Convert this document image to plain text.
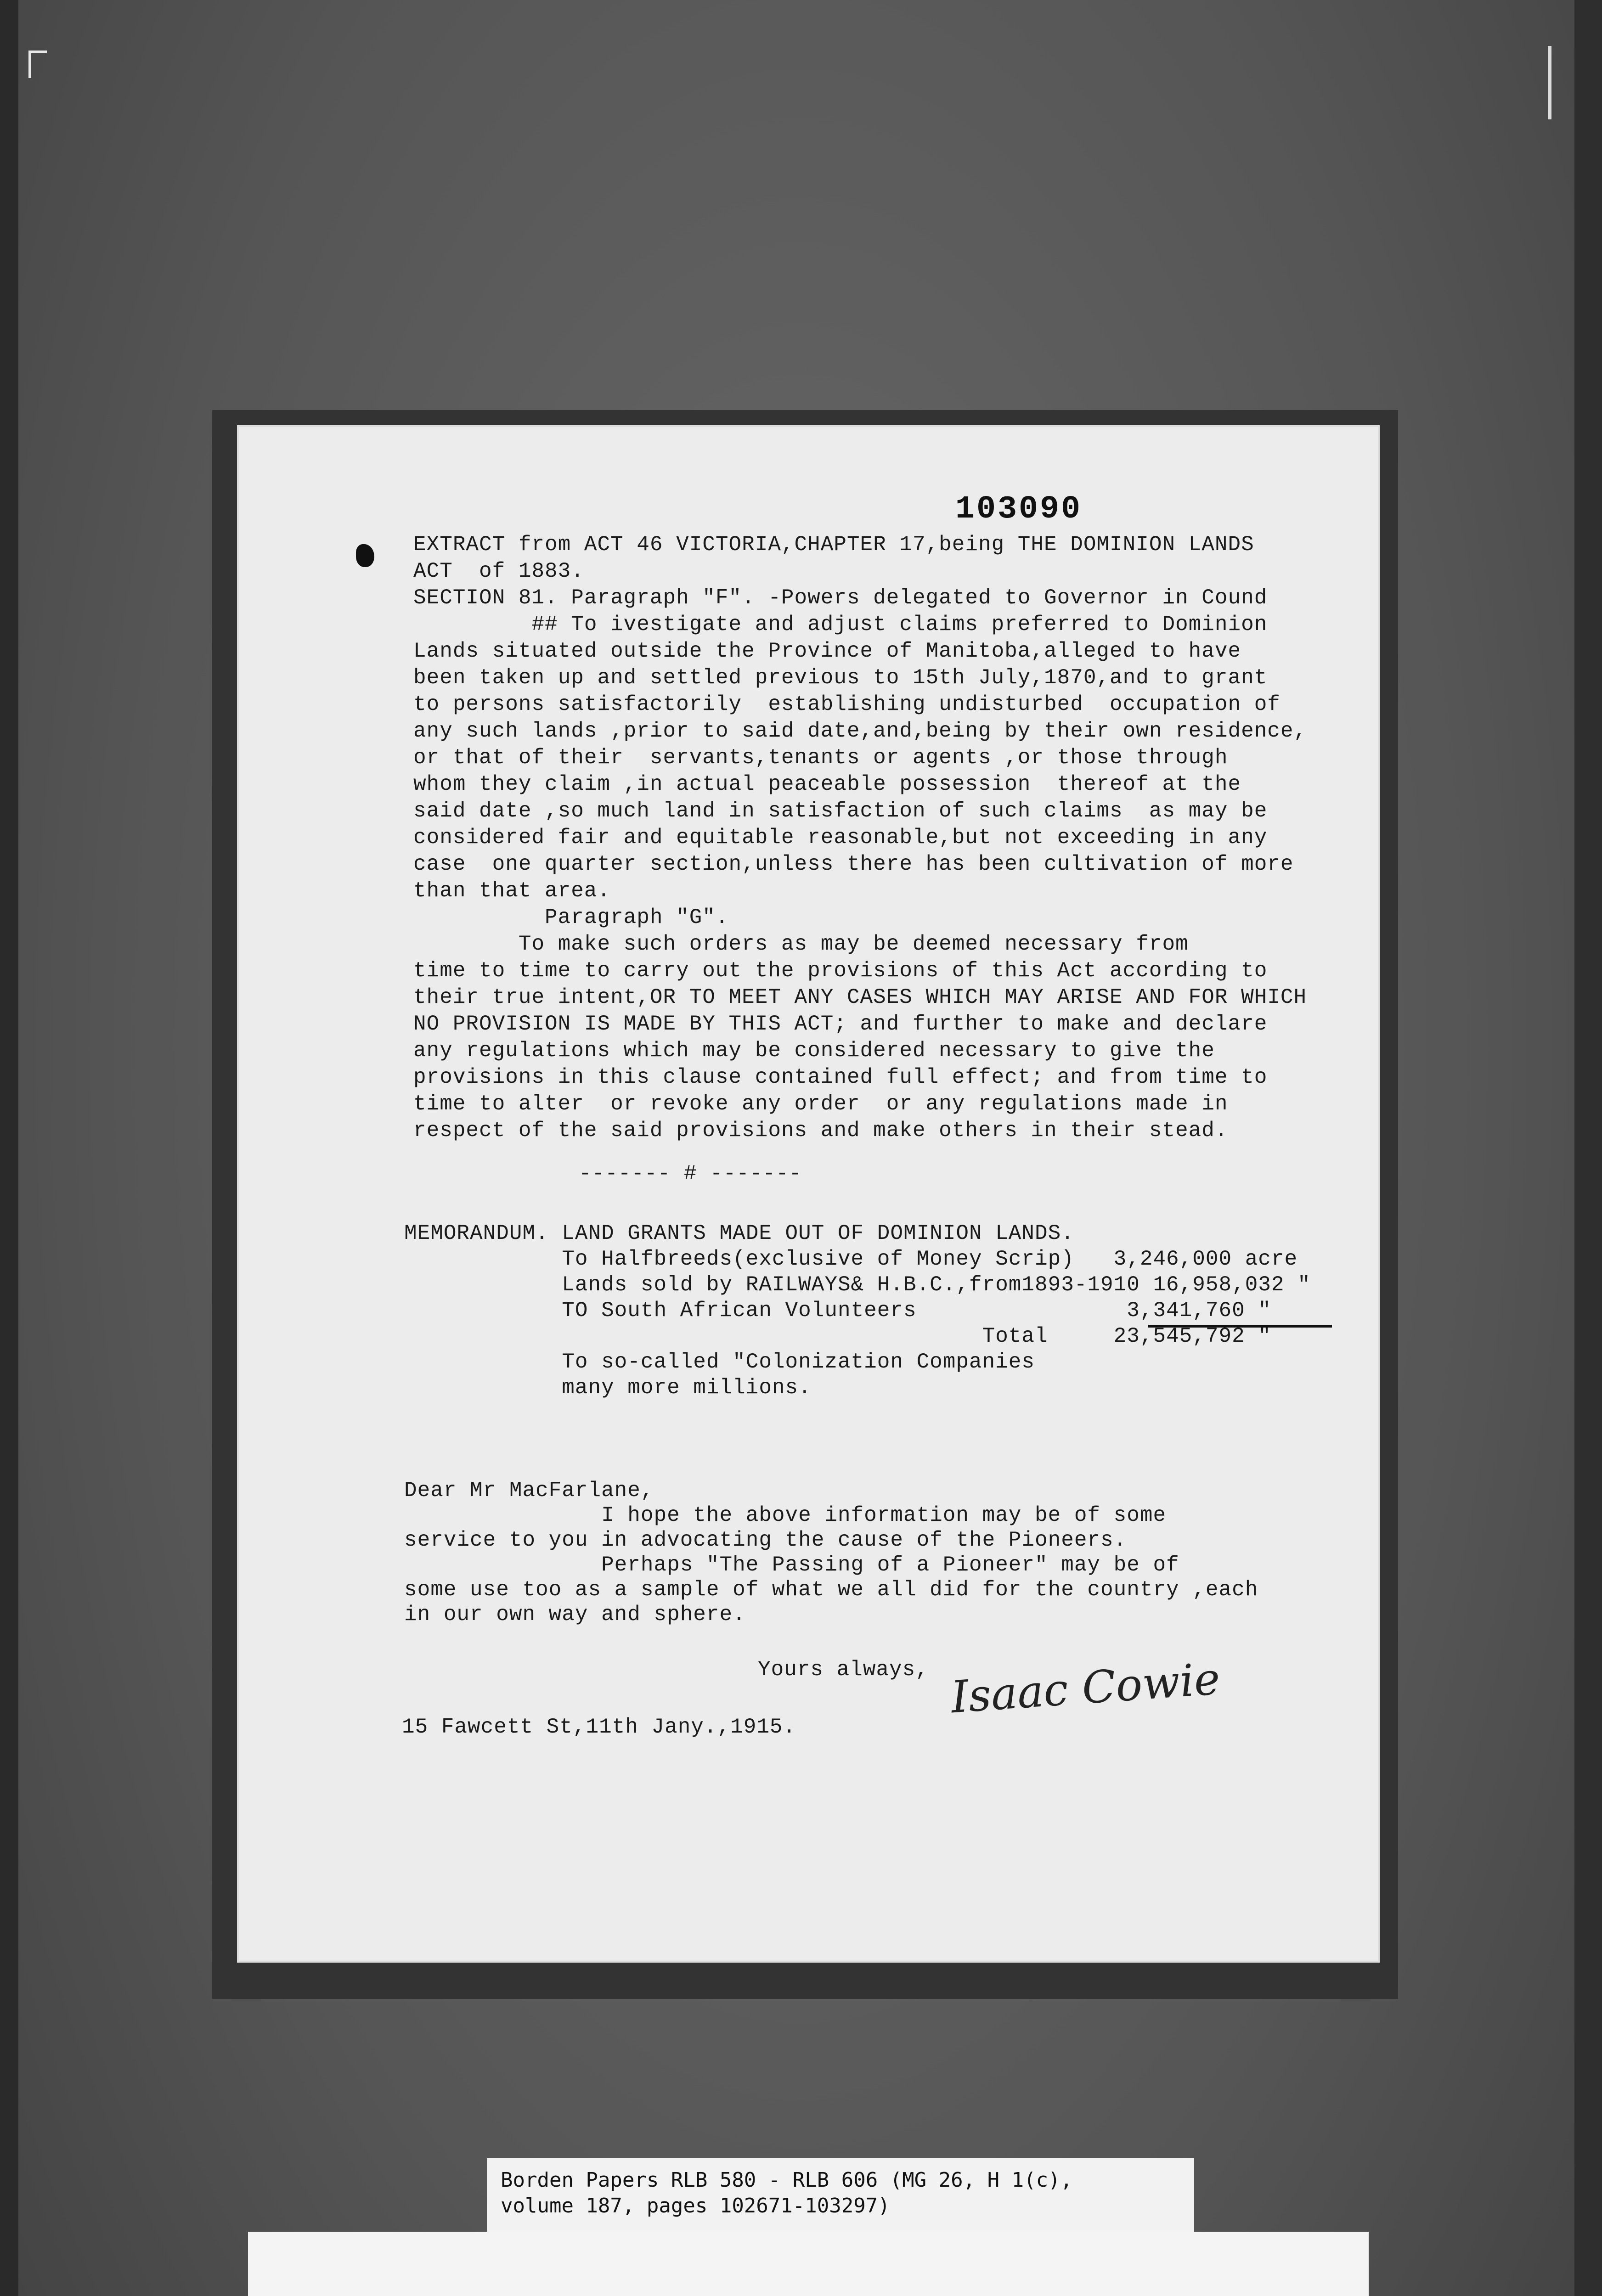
103090
EXTRACT from ACT 46 VICTORIA,CHAPTER 17,being THE DOMINION LANDS
ACT  of 1883.
SECTION 81. Paragraph "F". -Powers delegated to Governor in Cound
## To ivestigate and adjust claims preferred to Dominion
Lands situated outside the Province of Manitoba,alleged to have
been taken up and settled previous to 15th July,1870,and to grant
to persons satisfactorily  establishing undisturbed  occupation of
any such lands ,prior to said date,and,being by their own residence,
or that of their  servants,tenants or agents ,or those through
whom they claim ,in actual peaceable possession  thereof at the
said date ,so much land in satisfaction of such claims  as may be
considered fair and equitable reasonable,but not exceeding in any
case  one quarter section,unless there has been cultivation of more
than that area.
Paragraph "G".
To make such orders as may be deemed necessary from
time to time to carry out the provisions of this Act according to
their true intent,OR TO MEET ANY CASES WHICH MAY ARISE AND FOR WHICH
NO PROVISION IS MADE BY THIS ACT; and further to make and declare
any regulations which may be considered necessary to give the
provisions in this clause contained full effect; and from time to
time to alter  or revoke any order  or any regulations made in
respect of the said provisions and make others in their stead.
------- # -------
MEMORANDUM. LAND GRANTS MADE OUT OF DOMINION LANDS.
To Halfbreeds(exclusive of Money Scrip)   3,246,000 acre
Lands sold by RAILWAYS& H.B.C.,from1893-1910 16,958,032 "
TO South African Volunteers                3,341,760 "
Total     23,545,792 "
To so-called "Colonization Companies
many more millions.
Dear Mr MacFarlane,
I hope the above information may be of some
service to you in advocating the cause of the Pioneers.
Perhaps "The Passing of a Pioneer" may be of
some use too as a sample of what we all did for the country ,each
in our own way and sphere.
Yours always, Isaac Cowie
15 Fawcett St,11th Jany.,1915.
Borden Papers RLB 580 - RLB 606 (MG 26, H 1(c),
volume 187, pages 102671-103297)
